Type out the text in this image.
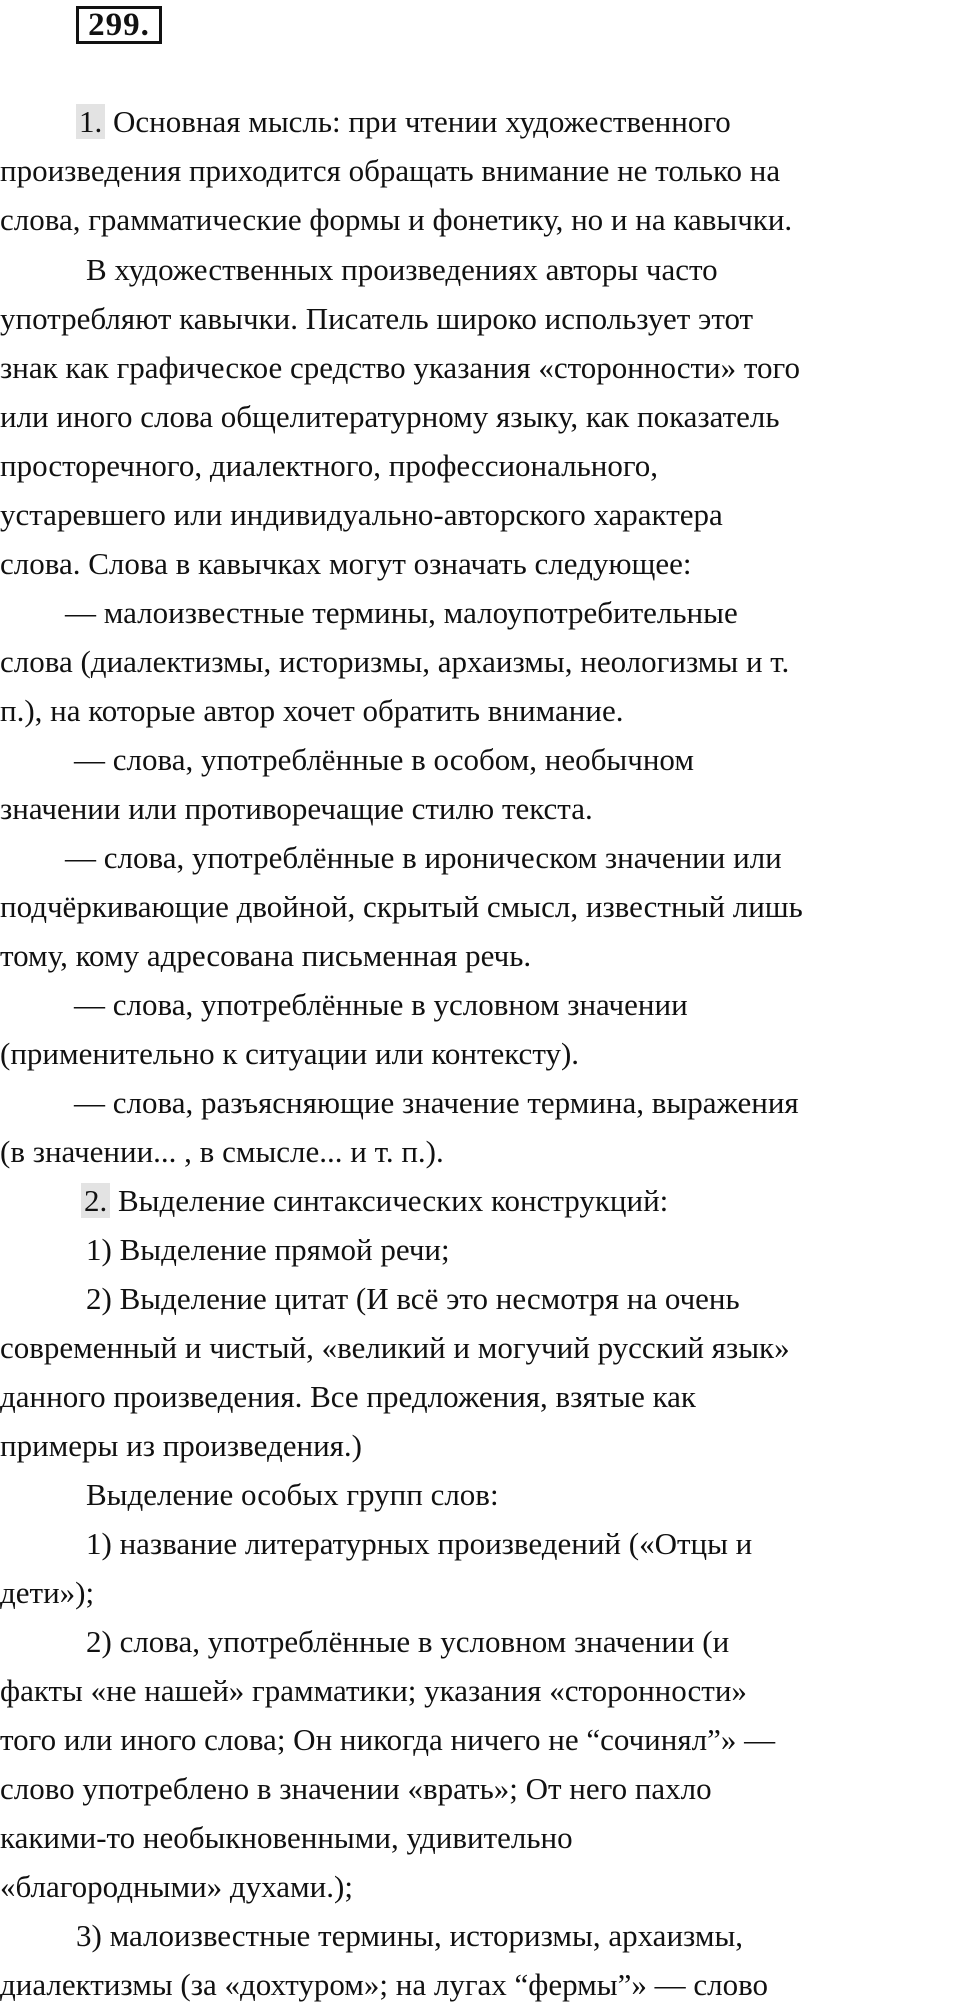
299.
1. Основная мысль: при чтении художественного
произведения приходится обращать внимание не только на
слова, грамматические формы и фонетику, но и на кавычки.
В художественных произведениях авторы часто
употребляют кавычки. Писатель широко использует этот
знак как графическое средство указания «сторонности» того
или иного слова общелитературному языку, как показатель
просторечного, диалектного, профессионального,
устаревшего или индивидуально-авторского характера
слова. Слова в кавычках могут означать следующее:
— малоизвестные термины, малоупотребительные
слова (диалектизмы, историзмы, архаизмы, неологизмы и т.
п.), на которые автор хочет обратить внимание.
— слова, употреблённые в особом, необычном
значении или противоречащие стилю текста.
— слова, употреблённые в ироническом значении или
подчёркивающие двойной, скрытый смысл, известный лишь
тому, кому адресована письменная речь.
— слова, употреблённые в условном значении
(применительно к ситуации или контексту).
— слова, разъясняющие значение термина, выражения
(в значении... , в смысле... и т. п.).
2. Выделение синтаксических конструкций:
1) Выделение прямой речи;
2) Выделение цитат (И всё это несмотря на очень
современный и чистый, «великий и могучий русский язык»
данного произведения. Все предложения, взятые как
примеры из произведения.)
Выделение особых групп слов:
1) название литературных произведений («Отцы и
дети»);
2) слова, употреблённые в условном значении (и
факты «не нашей» грамматики; указания «сторонности»
того или иного слова; Он никогда ничего не “сочинял”» —
слово употреблено в значении «врать»; От него пахло
какими-то необыкновенными, удивительно
«благородными» духами.);
3) малоизвестные термины, историзмы, архаизмы,
диалектизмы (за «дохтуром»; на лугах “фермы”» — слово
